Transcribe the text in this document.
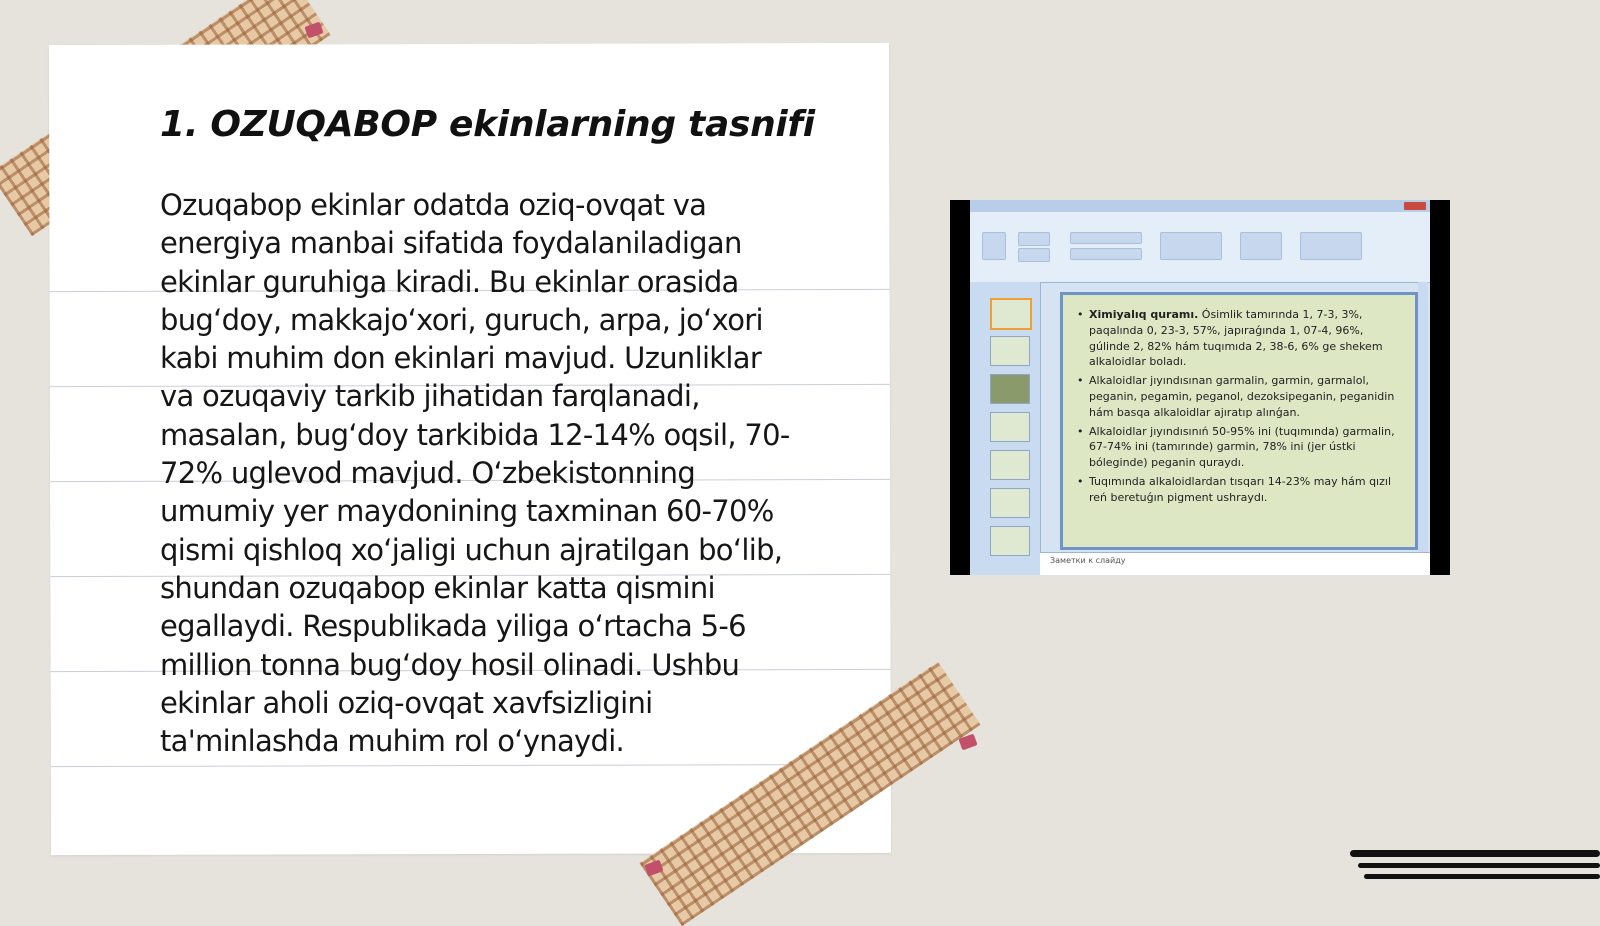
1. OZUQABOP ekinlarning tasnifi

Ozuqabop ekinlar odatda oziq-ovqat va
energiya manbai sifatida foydalaniladigan
ekinlar guruhiga kiradi. Bu ekinlar orasida
bug‘doy, makkajo‘xori, guruch, arpa, jo‘xori
kabi muhim don ekinlari mavjud. Uzunliklar
va ozuqaviy tarkib jihatidan farqlanadi,
masalan, bug‘doy tarkibida 12-14% oqsil, 70-
72% uglevod mavjud. O‘zbekistonning
umumiy yer maydonining taxminan 60-70%
qismi qishloq xo‘jaligi uchun ajratilgan bo‘lib,
shundan ozuqabop ekinlar katta qismini
egallaydi. Respublikada yiliga o‘rtacha 5-6
million tonna bug‘doy hosil olinadi. Ushbu
ekinlar aholi oziq-ovqat xavfsizligini
ta'minlashda muhim rol o‘ynaydi.

• Ximiyalıq quramı. Ósimlik tamırında 1, 7-3, 3%, paqalında 0, 23-3, 57%, japıraǵında 1, 07-4, 96%, gúlinde 2, 82% hám tuqımıda 2, 38-6, 6% ge shekem alkaloidlar boladı.
• Alkaloidlar jıyındısınan garmalin, garmin, garmalol, peganin, pegamin, peganol, dezoksipeganin, peganidin hám basqa alkaloidlar ajıratıp alınǵan.
• Alkaloidlar jıyındısınıń 50-95% ini (tuqımında) garmalin, 67-74% ini (tamırınde) garmin, 78% ini (jer ústki bóleginde) peganin quraydı.
• Tuqımında alkaloidlardan tısqarı 14-23% may hám qızıl reń beretuǵın pigment ushraydı.
Заметки к слайду
